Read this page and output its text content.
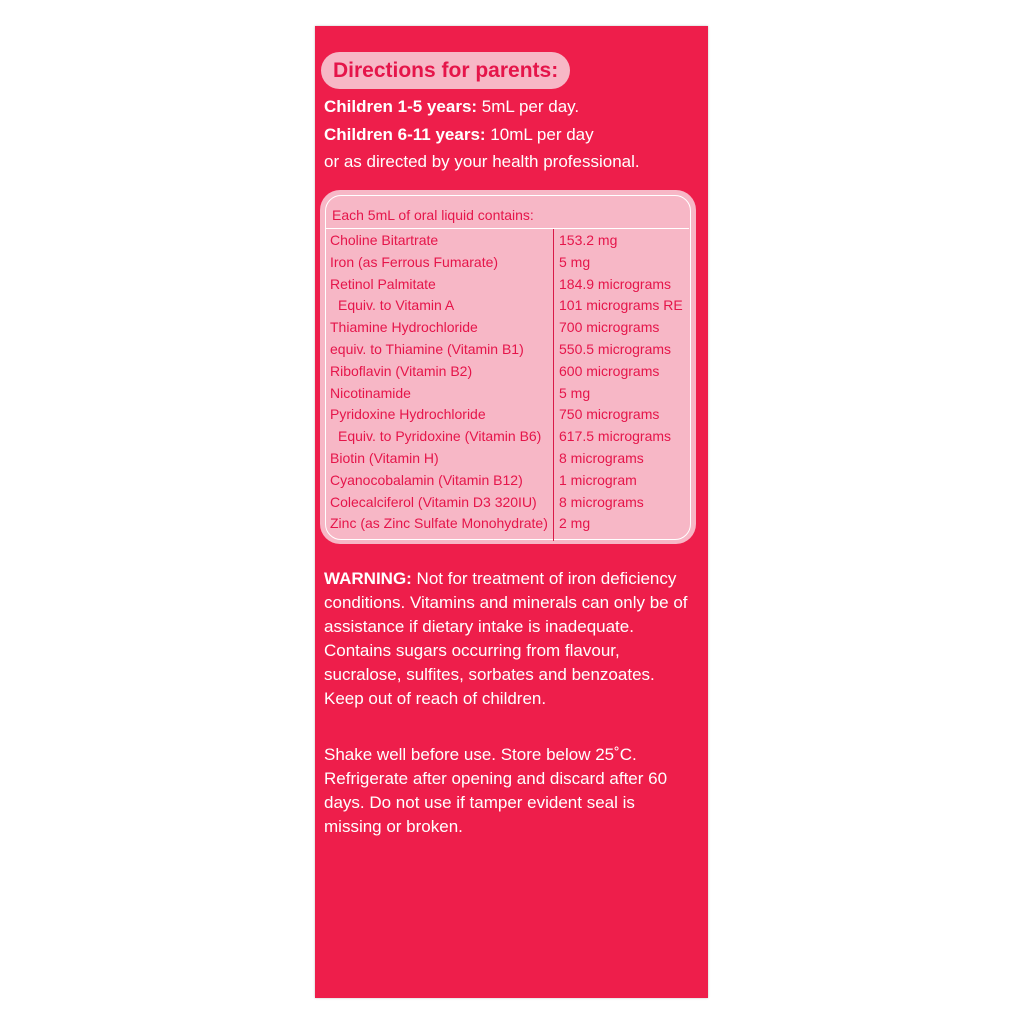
Directions for parents:
Children 1-5 years: 5mL per day.
Children 6-11 years: 10mL per day
or as directed by your health professional.
Each 5mL of oral liquid contains:
Choline Bitartrate	153.2 mg
Iron (as Ferrous Fumarate)	5 mg
Retinol Palmitate	184.9 micrograms
Equiv. to Vitamin A	101 micrograms RE
Thiamine Hydrochloride	700 micrograms
equiv. to Thiamine (Vitamin B1)	550.5 micrograms
Riboflavin (Vitamin B2)	600 micrograms
Nicotinamide	5 mg
Pyridoxine Hydrochloride	750 micrograms
Equiv. to Pyridoxine (Vitamin B6) 617.5 micrograms
Biotin (Vitamin H)	8 micrograms
Cyanocobalamin (Vitamin B12)	1 microgram
Colecalciferol (Vitamin D3 320IU) 8 micrograms
Zinc (as Zinc Sulfate Monohydrate) 2 mg
WARNING: Not for treatment of iron deficiency conditions. Vitamins and minerals can only be of assistance if dietary intake is inadequate. Contains sugars occurring from flavour, sucralose, sulfites, sorbates and benzoates. Keep out of reach of children.
Shake well before use. Store below 25˚C. Refrigerate after opening and discard after 60 days. Do not use if tamper evident seal is missing or broken.
